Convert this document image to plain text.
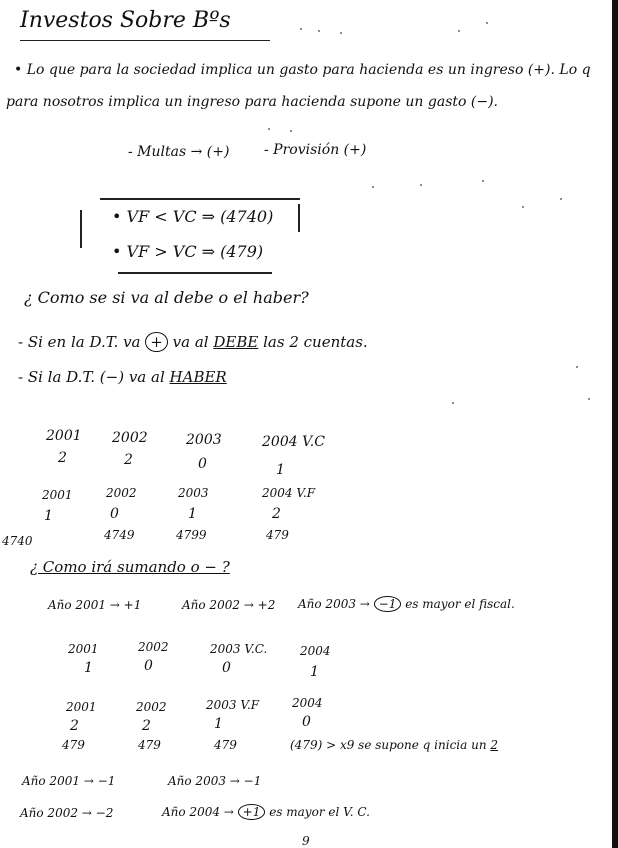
Investos Sobre Bºs
• Lo que para la sociedad implica un gasto para hacienda es un ingreso (+). Lo q
para nosotros implica un ingreso para hacienda supone un gasto (−).
- Multas → (+) - Provisión (+)
• VF < VC ⇒ (4740)
• VF > VC ⇒ (479)
¿ Como se si va al debe o el haber?
- Si en la D.T. va + va al DEBE las 2 cuentas.
- Si la D.T. (−) va al HABER
2001 2002	2003	2004 V.C
2	2	0	1
2001	2002	2003	2004 V.F
1	0	1	2
4740	4749	4799	479
¿ Como irá sumando o − ?
Año 2001 → +1	Año 2002 → +2 Año 2003 → −1 es mayor el fiscal.
2001	2002	2003 V.C.	2004
1	0	0	1
2001	2002	2003 V.F	2004
2	2	1	0
479	479	479	(479) > x9 se supone q inicia un 2
Año 2001 → −1	Año 2003 → −1
Año 2002 → −2	Año 2004 → +1 es mayor el V. C.
9
